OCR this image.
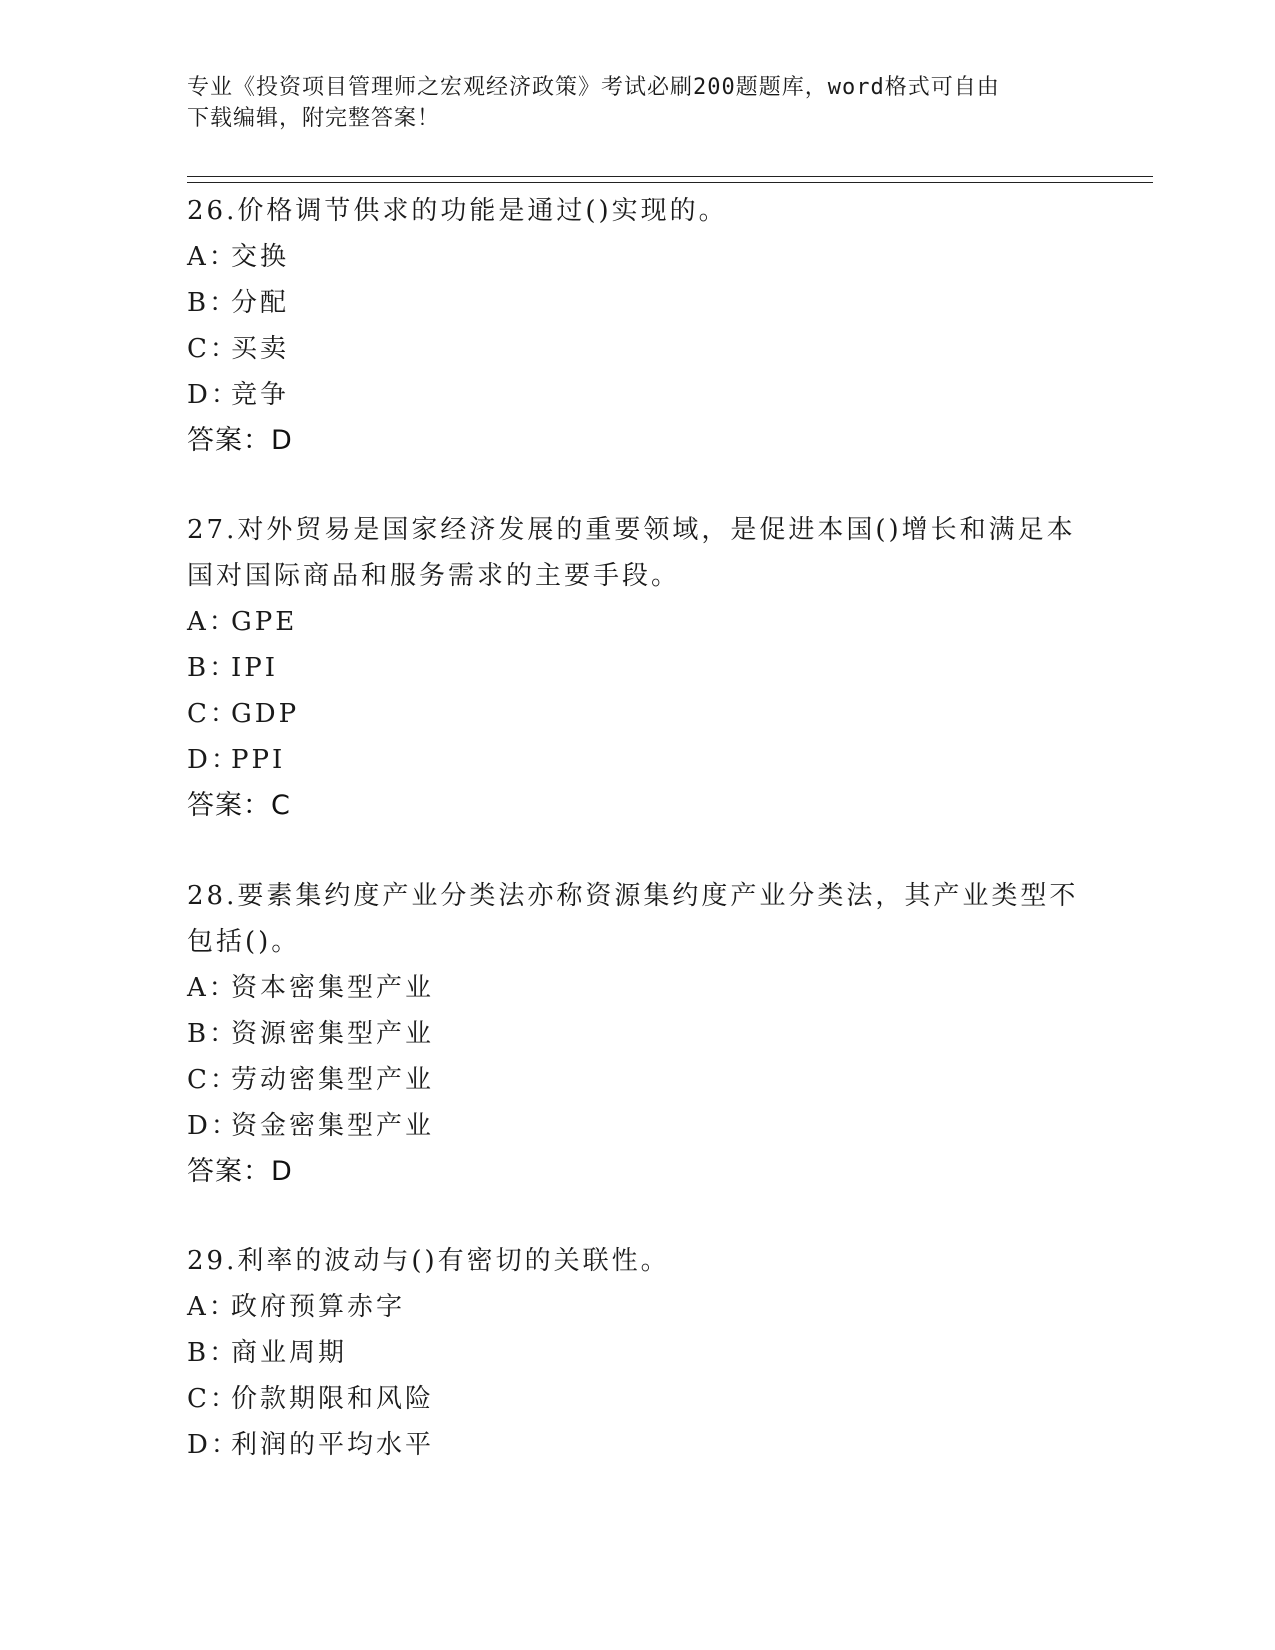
专业《投资项目管理师之宏观经济政策》考试必刷200题题库，word格式可自由
下载编辑，附完整答案！

26.价格调节供求的功能是通过()实现的。

A：
交换

B：
分配

C：
买卖

D：
竞争

答案：D

27.对外贸易是国家经济发展的重要领域，是促进本国()增长和满足本

国对国际商品和服务需求的主要手段。

A：
GPE

B：
IPI

C：
GDP

D：
PPI

答案：C

28.要素集约度产业分类法亦称资源集约度产业分类法，其产业类型不

包括()。

A：
资本密集型产业

B：
资源密集型产业

C：
劳动密集型产业

D：
资金密集型产业

答案：D

29.利率的波动与()有密切的关联性。

A：
政府预算赤字

B：
商业周期

C：
价款期限和风险

D：
利润的平均水平
